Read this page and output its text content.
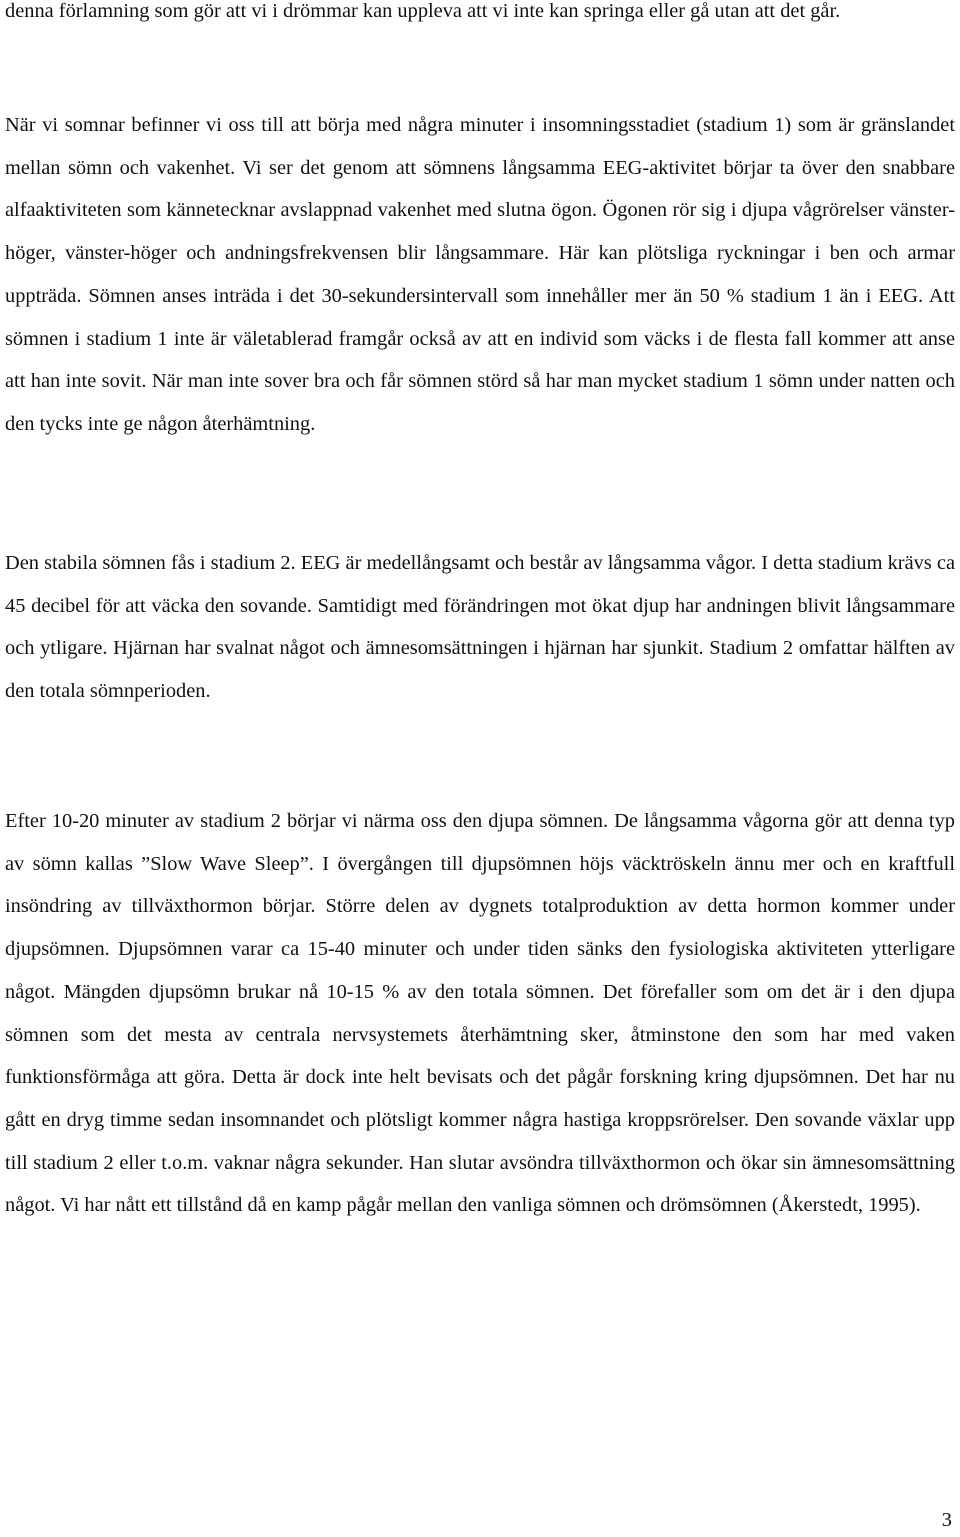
denna förlamning som gör att vi i drömmar kan uppleva att vi inte kan springa eller gå utan att det går.

När vi somnar befinner vi oss till att börja med några minuter i insomningsstadiet (stadium 1) som är gränslandet mellan sömn och vakenhet. Vi ser det genom att sömnens långsamma EEG-aktivitet börjar ta över den snabbare alfaaktiviteten som kännetecknar avslappnad vakenhet med slutna ögon. Ögonen rör sig i djupa vågrörelser vänster-höger, vänster-höger och andningsfrekvensen blir långsammare. Här kan plötsliga ryckningar i ben och armar uppträda. Sömnen anses inträda i det 30-sekundersintervall som innehåller mer än 50 % stadium 1 än i EEG. Att sömnen i stadium 1 inte är väletablerad framgår också av att en individ som väcks i de flesta fall kommer att anse att han inte sovit. När man inte sover bra och får sömnen störd så har man mycket stadium 1 sömn under natten och den tycks inte ge någon återhämtning.

Den stabila sömnen fås i stadium 2. EEG är medellångsamt och består av långsamma vågor. I detta stadium krävs ca 45 decibel för att väcka den sovande. Samtidigt med förändringen mot ökat djup har andningen blivit långsammare och ytligare. Hjärnan har svalnat något och ämnesomsättningen i hjärnan har sjunkit. Stadium 2 omfattar hälften av den totala sömnperioden.

Efter 10-20 minuter av stadium 2 börjar vi närma oss den djupa sömnen. De långsamma vågorna gör att denna typ av sömn kallas ”Slow Wave Sleep”. I övergången till djupsömnen höjs väcktröskeln ännu mer och en kraftfull insöndring av tillväxthormon börjar. Större delen av dygnets totalproduktion av detta hormon kommer under djupsömnen. Djupsömnen varar ca 15-40 minuter och under tiden sänks den fysiologiska aktiviteten ytterligare något. Mängden djupsömn brukar nå 10-15 % av den totala sömnen. Det förefaller som om det är i den djupa sömnen som det mesta av centrala nervsystemets återhämtning sker, åtminstone den som har med vaken funktionsförmåga att göra. Detta är dock inte helt bevisats och det pågår forskning kring djupsömnen. Det har nu gått en dryg timme sedan insomnandet och plötsligt kommer några hastiga kroppsrörelser. Den sovande växlar upp till stadium 2 eller t.o.m. vaknar några sekunder. Han slutar avsöndra tillväxthormon och ökar sin ämnesomsättning något. Vi har nått ett tillstånd då en kamp pågår mellan den vanliga sömnen och drömsömnen (Åkerstedt, 1995).

3
